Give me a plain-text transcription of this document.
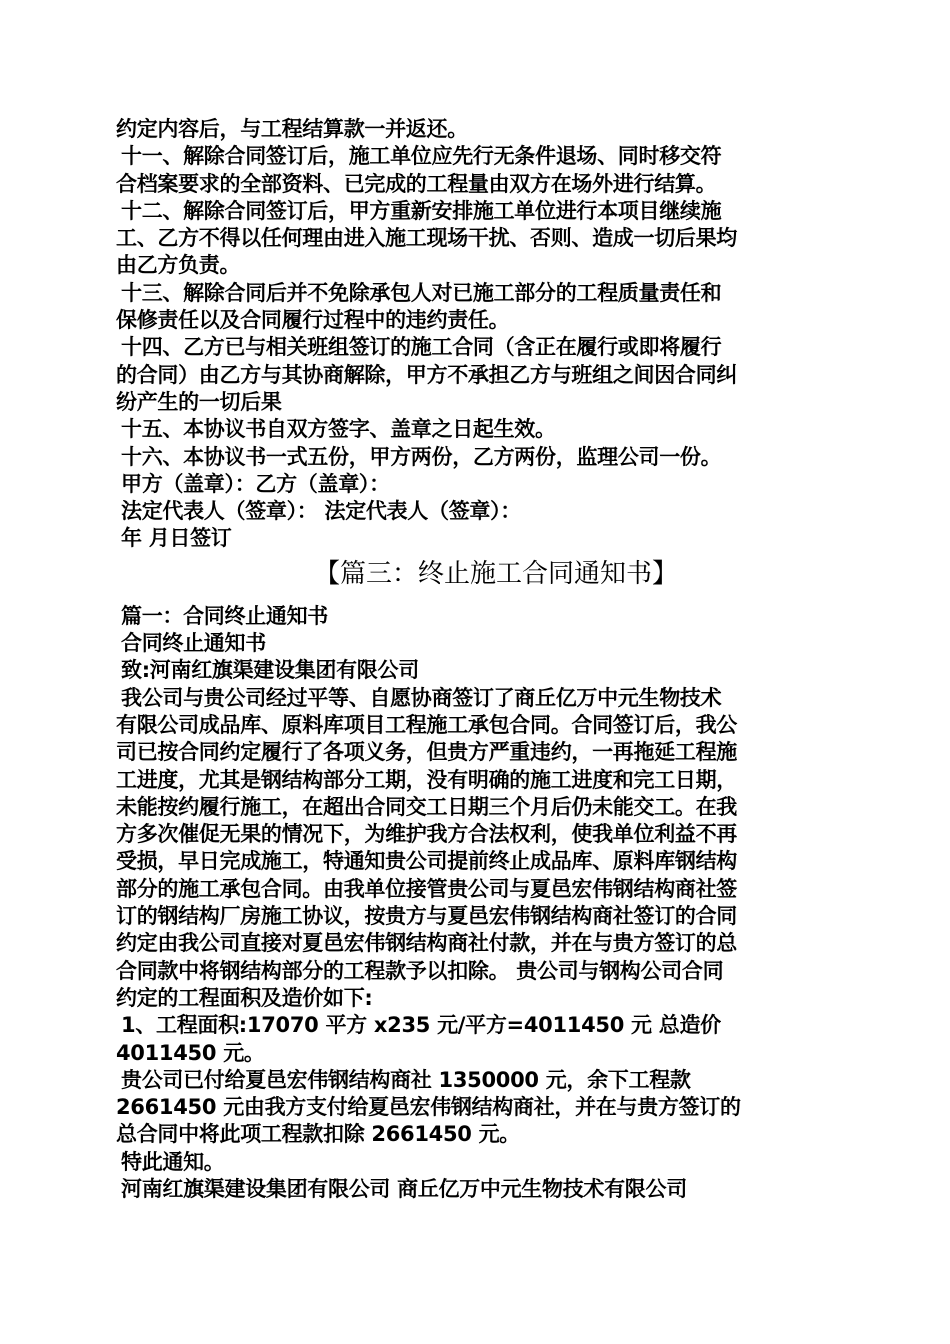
约定内容后，与工程结算款一并返还。
十一、解除合同签订后，施工单位应先行无条件退场、同时移交符
合档案要求的全部资料、已完成的工程量由双方在场外进行结算。
十二、解除合同签订后，甲方重新安排施工单位进行本项目继续施
工、乙方不得以任何理由进入施工现场干扰、否则、造成一切后果均
由乙方负责。
十三、解除合同后并不免除承包人对已施工部分的工程质量责任和
保修责任以及合同履行过程中的违约责任。
十四、乙方已与相关班组签订的施工合同（含正在履行或即将履行
的合同）由乙方与其协商解除，甲方不承担乙方与班组之间因合同纠
纷产生的一切后果
十五、本协议书自双方签字、盖章之日起生效。
十六、本协议书一式五份，甲方两份，乙方两份，监理公司一份。
甲方（盖章）：乙方（盖章）：
法定代表人（签章）： 法定代表人（签章）：
年 月日签订
【篇三：终止施工合同通知书】
篇一：合同终止通知书
合同终止通知书
致:河南红旗渠建设集团有限公司
我公司与贵公司经过平等、自愿协商签订了商丘亿万中元生物技术
有限公司成品库、原料库项目工程施工承包合同。合同签订后，我公
司已按合同约定履行了各项义务，但贵方严重违约，一再拖延工程施
工进度，尤其是钢结构部分工期，没有明确的施工进度和完工日期，
未能按约履行施工，在超出合同交工日期三个月后仍未能交工。在我
方多次催促无果的情况下，为维护我方合法权利，使我单位利益不再
受损，早日完成施工，特通知贵公司提前终止成品库、原料库钢结构
部分的施工承包合同。由我单位接管贵公司与夏邑宏伟钢结构商社签
订的钢结构厂房施工协议，按贵方与夏邑宏伟钢结构商社签订的合同
约定由我公司直接对夏邑宏伟钢结构商社付款，并在与贵方签订的总
合同款中将钢结构部分的工程款予以扣除。 贵公司与钢构公司合同
约定的工程面积及造价如下:
1、工程面积:17070 平方 x235 元/平方=4011450 元 总造价
4011450 元。
贵公司已付给夏邑宏伟钢结构商社 1350000 元，余下工程款
2661450 元由我方支付给夏邑宏伟钢结构商社，并在与贵方签订的
总合同中将此项工程款扣除 2661450 元。
特此通知。
河南红旗渠建设集团有限公司 商丘亿万中元生物技术有限公司
